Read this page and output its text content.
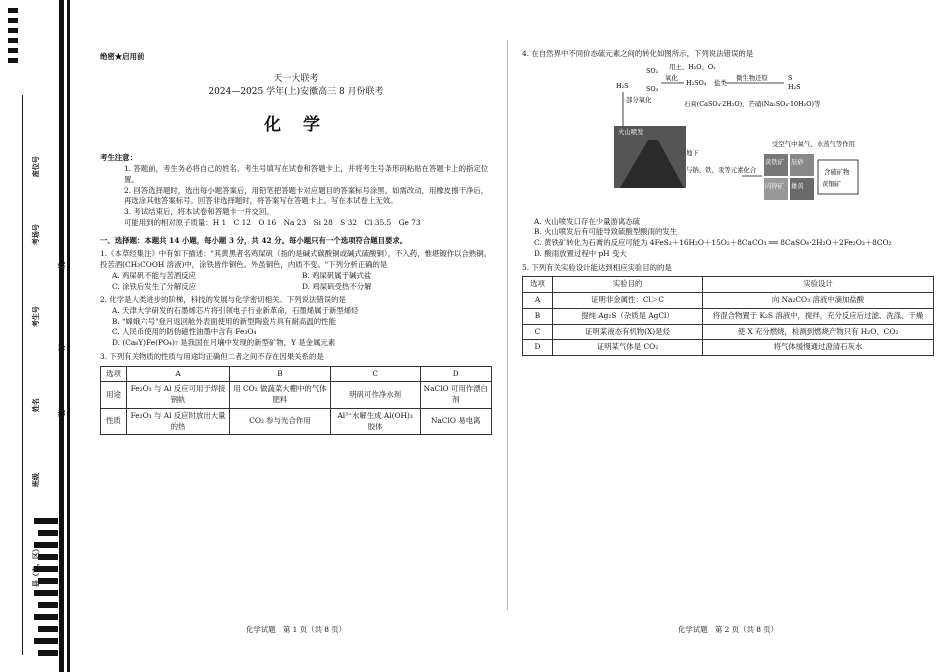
座位号
考场号
考生号
姓名
班级
县（市、区）
线
订
装
绝密★启用前
天一大联考
2024—2025 学年(上)安徽高三 8 月份联考
化 学
考生注意：
1. 答题前，考生务必将自己的姓名、考生号填写在试卷和答题卡上，并将考生号条形码粘贴在答题卡上的指定位置。
2. 回答选择题时，选出每小题答案后，用铅笔把答题卡对应题目的答案标号涂黑。如需改动，用橡皮擦干净后，再选涂其他答案标号。回答非选择题时，将答案写在答题卡上。写在本试卷上无效。
3. 考试结束后，将本试卷和答题卡一并交回。
可能用到的相对原子质量：H 1　C 12　O 16　Na 23　Si 28　S 32　Cl 35.5　Ge 73
一、选择题：本题共 14 小题，每小题 3 分，共 42 分。每小题只有一个选项符合题目要求。
1.《本草经集注》中有如下描述："其黄黑者名鸡屎矾（指的是碱式碳酸铜或碱式硫酸铜），不入药，惟堪镀作以合熟铜。投苦酒(CH₃COOH 溶液)中，涂铁皆作铜色。外虽铜色，内质不变。"下列分析正确的是
A. 鸡屎矾不能与苦酒反应	B. 鸡屎矾属于碱式盐
C. 涂铁后发生了分解反应	D. 鸡屎矾受热不分解
2. 化学是人类进步的阶梯，科技的发展与化学密切相关。下列说法错误的是
A. 天津大学研发的石墨烯芯片将引领电子行业新革命，石墨烯属于新型烯烃
B. "嫦娥六号"登月返回舱外表面使用的新型陶瓷片具有耐高温的性能
C. 人民币使用的防伪磁性油墨中含有 Fe₃O₄
D. (Ca₈Y)Fe(PO₄)₇ 是我国在月壤中发现的新型矿物，Y 是金属元素
3. 下列有关物质的性质与用途均正确但二者之间不存在因果关系的是
选项	A	B	C	D
用途	Fe₂O₃ 与 Al 反应可用于焊接钢轨	用 CO₂ 做蔬菜大棚中的气体肥料	明矾可作净水剂	NaClO 可用作漂白剂
性质	Fe₂O₃ 与 Al 反应时放出大量的热	CO₂ 参与光合作用	Al³⁺水解生成 Al(OH)₃ 胶体	NaClO 易电离
化学试题　第 1 页（共 8 页）
4. 在自然界中不同价态硫元素之间的转化如图所示，下列说法错误的是
H₂S
部分氧化
SO₂
SO₃
氧化
H₂SO₄
用土、H₂O、O₂
盐类
微生物还原	S
H₂S
石膏(CaSO₄·2H₂O)、芒硝(Na₂SO₄·10H₂O)等
火山喷发
地下
与钠、铁、汞等元素化合
受空气中氧气、水蒸气等作用
黄铁矿 辰砂
闪锌矿 雄黄
含硫矿物
黄铜矿
A. 火山喷发口存在少量游离态硫
B. 火山喷发后有可能导致硫酸型酸雨的发生
C. 黄铁矿转化为石膏的反应可能为 4FeS₂＋16H₂O＋15O₂＋8CaCO₃ ══ 8CaSO₄·2H₂O＋2Fe₂O₃＋8CO₂
D. 酸雨放置过程中 pH 变大
5. 下列有关实验设计能达到相应实验目的的是
选项	实验目的	实验设计
A	证明非金属性：Cl＞C	向 Na₂CO₃ 溶液中滴加盐酸
B	提纯 Ag₂S（杂质是 AgCl）	将混合物置于 K₂S 溶液中，搅拌，充分反应后过滤、洗涤、干燥
C	证明某液态有机物(X)是烃	使 X 充分燃烧，检测到燃烧产物只有 H₂O、CO₂
D	证明某气体是 CO₂	将气体缓慢通过澄清石灰水
化学试题　第 2 页（共 8 页）
